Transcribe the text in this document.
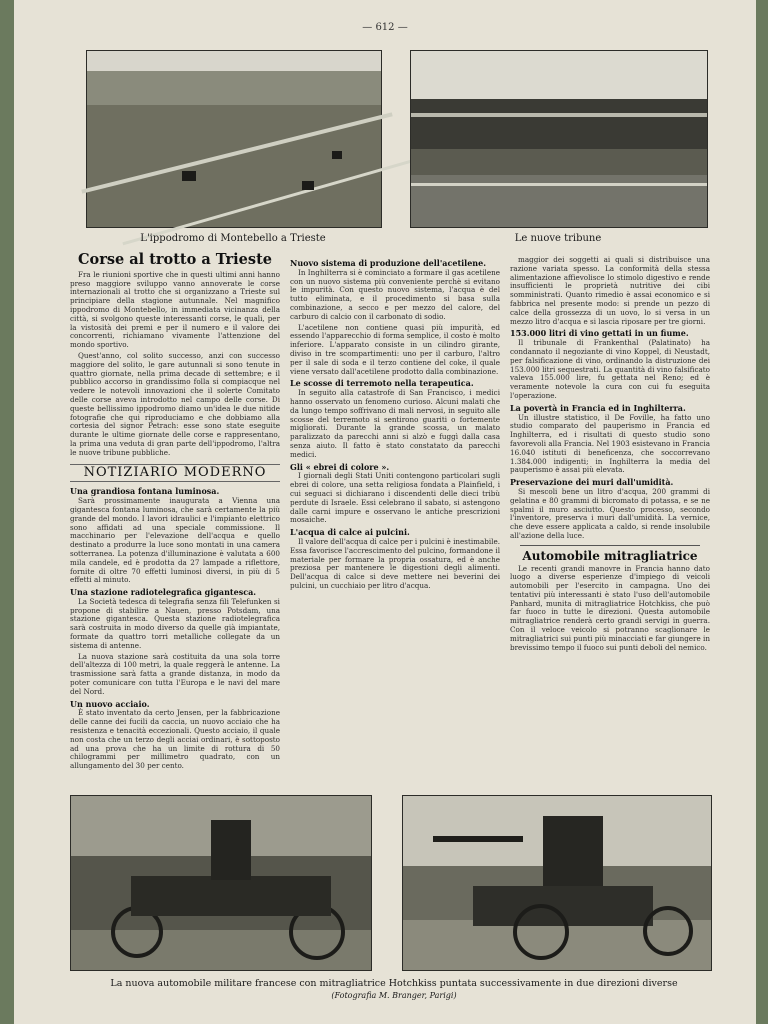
— 612 —
L'ippodromo di Montebello a Trieste	Le nuove tribune
Corse al trotto a Trieste

Fra le riunioni sportive che in questi ultimi anni hanno preso maggiore sviluppo vanno annoverate le corse internazionali al trotto che si organizzano a Trieste sul principiare della stagione autunnale. Nel magnifico ippodromo di Montebello, in immediata vicinanza della città, si svolgono queste interessanti corse, le quali, per la vistosità dei premi e per il numero e il valore dei concorrenti, richiamano vivamente l'attenzione del mondo sportivo.

Quest'anno, col solito successo, anzi con successo maggiore del solito, le gare autunnali si sono tenute in quattro giornate, nella prima decade di settembre; e il pubblico accorso in grandissimo folla si compiacque nel vedere le notevoli innovazioni che il solerte Comitato delle corse aveva introdotto nel campo delle corse. Di queste bellissimo ippodromo diamo un'idea le due nitide fotografie che qui riproduciamo e che dobbiamo alla cortesia del signor Petrach: esse sono state eseguite durante le ultime giornate delle corse e rappresentano, la prima una veduta di gran parte dell'ippodromo, l'altra le nuove tribune pubbliche.

NOTIZIARIO MODERNO
Una grandiosa fontana luminosa.

Sarà prossimamente inaugurata a Vienna una gigantesca fontana luminosa, che sarà certamente la più grande del mondo. I lavori idraulici e l'impianto elettrico sono affidati ad una speciale commissione. Il macchinario per l'elevazione dell'acqua e quello destinato a produrre la luce sono montati in una camera sotterranea. La potenza d'illuminazione è valutata a 600 mila candele, ed è prodotta da 27 lampade a riflettore, fornite di oltre 70 effetti luminosi diversi, in più di 5 effetti al minuto.

Una stazione radiotelegrafica gigantesca.

La Società tedesca di telegrafia senza fili Telefunken si propone di stabilire a Nauen, presso Potsdam, una stazione gigantesca. Questa stazione radiotelegrafica sarà costruita in modo diverso da quelle già impiantate, formate da quattro torri metalliche collegate da un sistema di antenne.

La nuova stazione sarà costituita da una sola torre dell'altezza di 100 metri, la quale reggerà le antenne. La trasmissione sarà fatta a grande distanza, in modo da poter comunicare con tutta l'Europa e le navi del mare del Nord.

Un nuovo acciaio.

È stato inventato da certo Jensen, per la fabbricazione delle canne dei fucili da caccia, un nuovo acciaio che ha resistenza e tenacità eccezionali. Questo acciaio, il quale non costa che un terzo degli acciai ordinari, è sottoposto ad una prova che ha un limite di rottura di 50 chilogrammi per millimetro quadrato, con un allungamento del 30 per cento.

Nuovo sistema di produzione dell'acetilene.

In Inghilterra si è cominciato a formare il gas acetilene con un nuovo sistema più conveniente perchè si evitano le impurità. Con questo nuovo sistema, l'acqua è del tutto eliminata, e il procedimento si basa sulla combinazione, a secco e per mezzo del calore, del carburo di calcio con il carbonato di sodio.

L'acetilene non contiene quasi più impurità, ed essendo l'apparecchio di forma semplice, il costo è molto inferiore. L'apparato consiste in un cilindro girante, diviso in tre scompartimenti: uno per il carburo, l'altro per il sale di soda e il terzo contiene del coke, il quale viene versato dall'acetilene prodotto dalla combinazione.

Le scosse di terremoto nella terapeutica.

In seguito alla catastrofe di San Francisco, i medici hanno osservato un fenomeno curioso. Alcuni malati che da lungo tempo soffrivano di mali nervosi, in seguito alle scosse del terremoto si sentirono guariti o fortemente migliorati. Durante la grande scossa, un malato paralizzato da parecchi anni si alzò e fuggì dalla casa senza aiuto. Il fatto è stato constatato da parecchi medici.

Gli « ebrei di colore ».

I giornali degli Stati Uniti contengono particolari sugli ebrei di colore, una setta religiosa fondata a Plainfield, i cui seguaci si dichiarano i discendenti delle dieci tribù perdute di Israele. Essi celebrano il sabato, si astengono dalle carni impure e osservano le antiche prescrizioni mosaiche.

L'acqua di calce ai pulcini.

Il valore dell'acqua di calce per i pulcini è inestimabile. Essa favorisce l'accrescimento del pulcino, formandone il materiale per formare la propria ossatura, ed è anche preziosa per mantenere le digestioni degli alimenti. Dell'acqua di calce si deve mettere nei beverini dei pulcini, un cucchiaio per litro d'acqua.

maggior dei soggetti ai quali si distribuisce una razione variata spesso. La conformità della stessa alimentazione affievolisce lo stimolo digestivo e rende insufficienti le proprietà nutritive dei cibi somministrati. Quanto rimedio è assai economico e si fabbrica nel presente modo: si prende un pezzo di calce della grossezza di un uovo, lo si versa in un mezzo litro d'acqua e si lascia riposare per tre giorni.

153.000 litri di vino gettati in un fiume.

Il tribunale di Frankenthal (Palatinato) ha condannato il negoziante di vino Koppel, di Neustadt, per falsificazione di vino, ordinando la distruzione dei 153.000 litri sequestrati. La quantità di vino falsificato valeva 155.000 lire, fu gettata nel Reno; ed è veramente notevole la cura con cui fu eseguita l'operazione.

La povertà in Francia ed in Inghilterra.

Un illustre statistico, il De Foville, ha fatto uno studio comparato del pauperismo in Francia ed Inghilterra, ed i risultati di questo studio sono favorevoli alla Francia. Nel 1903 esistevano in Francia 16.040 istituti di beneficenza, che soccorrevano 1.384.000 indigenti; in Inghilterra la media del pauperismo è assai più elevata.

Preservazione dei muri dall'umidità.

Si mescoli bene un litro d'acqua, 200 grammi di gelatina e 80 grammi di bicromato di potassa, e se ne spalmi il muro asciutto. Questo processo, secondo l'inventore, preserva i muri dall'umidità. La vernice, che deve essere applicata a caldo, si rende insolubile all'azione della luce.

Automobile mitragliatrice

Le recenti grandi manovre in Francia hanno dato luogo a diverse esperienze d'impiego di veicoli automobili per l'esercito in campagna. Uno dei tentativi più interessanti è stato l'uso dell'automobile Panhard, munita di mitragliatrice Hotchkiss, che può far fuoco in tutte le direzioni. Questa automobile mitragliatrice renderà certo grandi servigi in guerra. Con il veloce veicolo si potranno scaglionare le mitragliatrici sui punti più minacciati e far giungere in brevissimo tempo il fuoco sui punti deboli del nemico.

La nuova automobile militare francese con mitragliatrice Hotchkiss puntata successivamente in due direzioni diverse
(Fotografia M. Branger, Parigi)
